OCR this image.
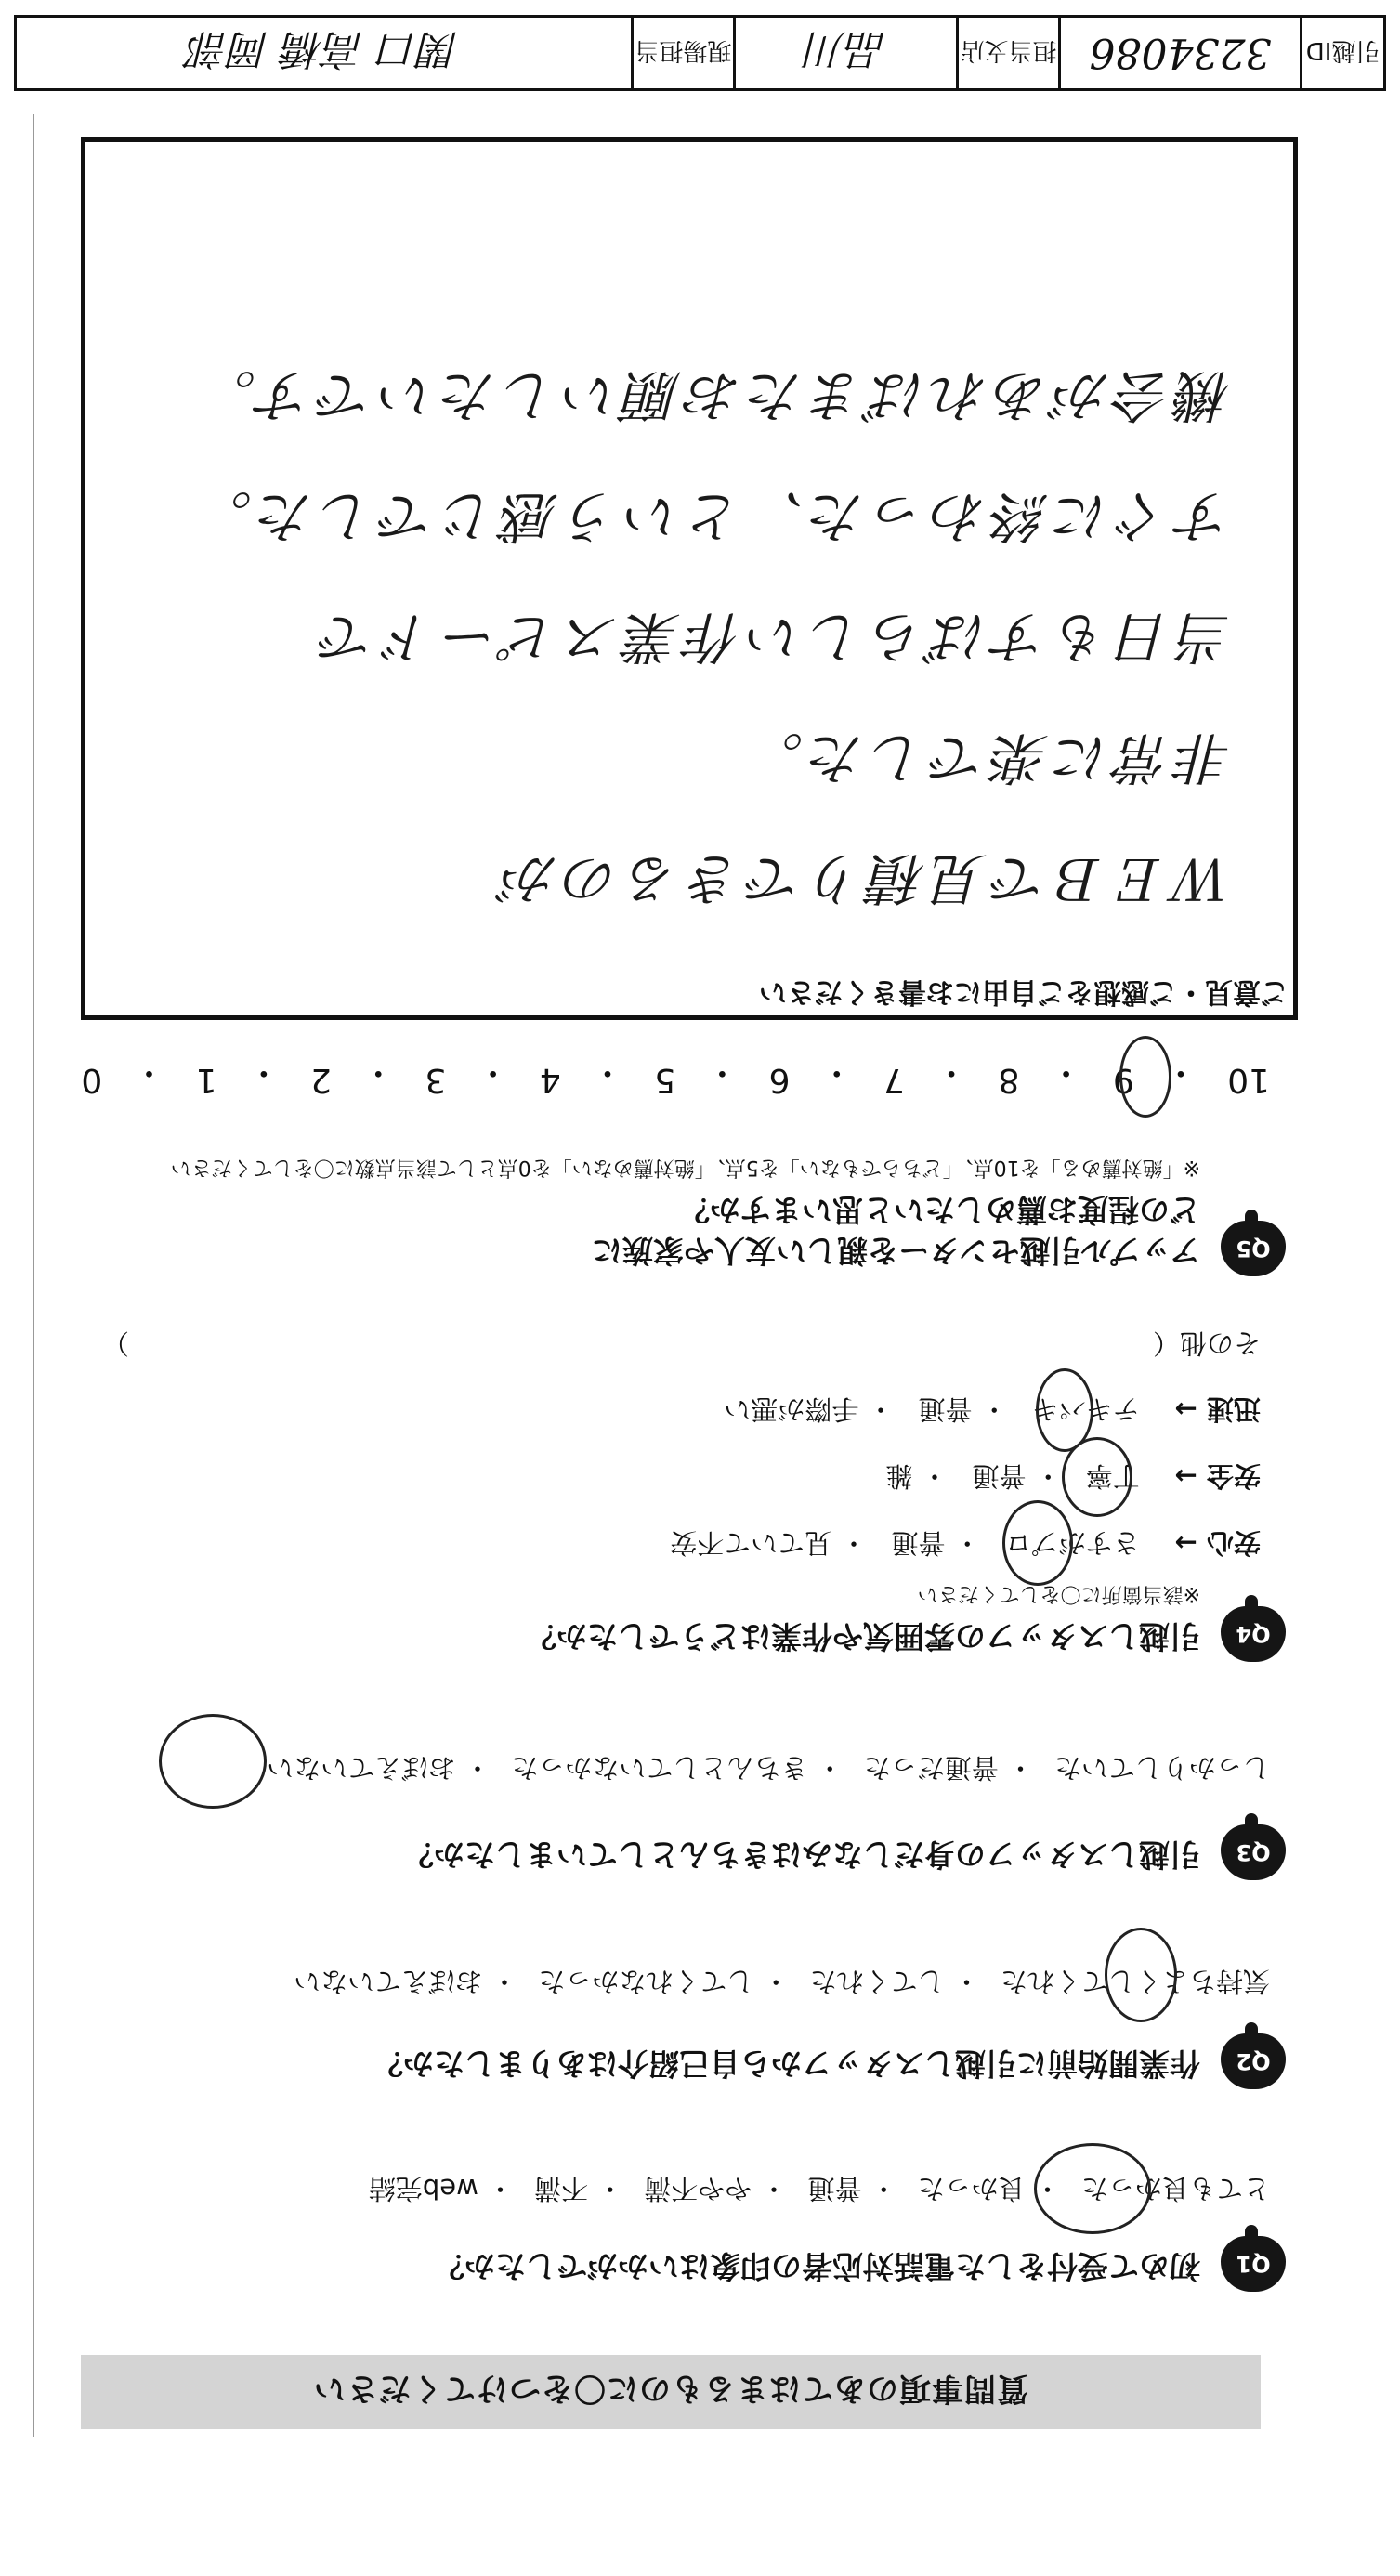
質問事項のあてはまるものに〇をつけてください
Q1
初めて受付をした電話対応者の印象はいかがでしたか？
とても良かった・ 良かった・ 普通・ やや不満・ 不満・ web完結
Q2
作業開始前に引越しスタッフから自己紹介はありましたか？
気持ちよくしてくれた・ してくれた・ してくれなかった・ おぼえていない
Q3
引越しスタッフの身だしなみはきちんとしていましたか？
しっかりしていた・ 普通だった・ きちんとしていなかった・ おぼえていない
Q4
引越しスタッフの雰囲気や作業はどうでしたか？
※該当箇所に〇をしてください
安心 → さすがプロ・ 普通・ 見ていて不安
安全 → 丁寧・ 普通・ 雑
迅速 → テキパキ・ 普通・ 手際が悪い
その他（　　　　　　　　　　　　　　　　　　　　　　　　　　　　　　　　　　　　　　）
Q5
アップル引越センターを親しい友人や家族に
どの程度お薦めしたいと思いますか？
※「絶対薦める」を10点、「どちらでもない」を5点、「絶対薦めない」を0点として該当点数に〇をしてください
10
・
9
・
8
・
7
・
6
・
5
・
4
・
3
・
2
・
1
・
0
ご意見・ご感想をご自由にお書きください
ＷＥＢで見積りできるのが
非常に楽でした。
当日もすばらしい作業スピードで
すぐに終わった、という感じでした。
機会があればまたお願いしたいです。
引越ID
3234086
担当支店
品川
現場担当
関口 高橋 岡部
